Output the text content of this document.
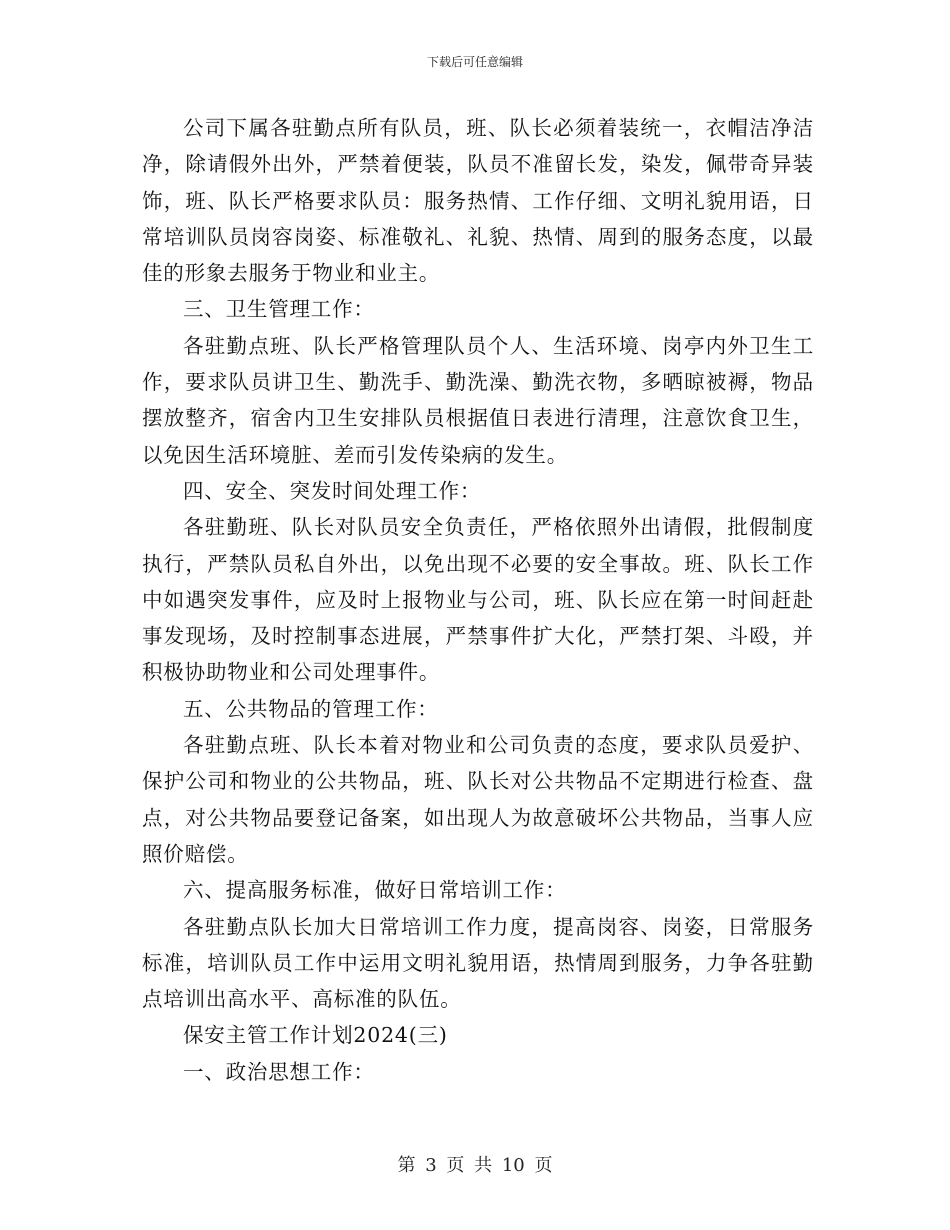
下载后可任意编辑

公司下属各驻勤点所有队员，班、队长必须着装统一，衣帽洁净洁净，除请假外出外，严禁着便装，队员不准留长发，染发，佩带奇异装饰，班、队长严格要求队员：服务热情、工作仔细、文明礼貌用语，日常培训队员岗容岗姿、标准敬礼、礼貌、热情、周到的服务态度，以最佳的形象去服务于物业和业主。

三、卫生管理工作：

各驻勤点班、队长严格管理队员个人、生活环境、岗亭内外卫生工作，要求队员讲卫生、勤洗手、勤洗澡、勤洗衣物，多晒晾被褥，物品摆放整齐，宿舍内卫生安排队员根据值日表进行清理，注意饮食卫生，以免因生活环境脏、差而引发传染病的发生。

四、安全、突发时间处理工作：

各驻勤班、队长对队员安全负责任，严格依照外出请假，批假制度执行，严禁队员私自外出，以免出现不必要的安全事故。班、队长工作中如遇突发事件，应及时上报物业与公司，班、队长应在第一时间赶赴事发现场，及时控制事态进展，严禁事件扩大化，严禁打架、斗殴，并积极协助物业和公司处理事件。

五、公共物品的管理工作：

各驻勤点班、队长本着对物业和公司负责的态度，要求队员爱护、保护公司和物业的公共物品，班、队长对公共物品不定期进行检查、盘点，对公共物品要登记备案，如出现人为故意破坏公共物品，当事人应照价赔偿。

六、提高服务标准，做好日常培训工作：

各驻勤点队长加大日常培训工作力度，提高岗容、岗姿，日常服务标准，培训队员工作中运用文明礼貌用语，热情周到服务，力争各驻勤点培训出高水平、高标准的队伍。

保安主管工作计划2024(三)

一、政治思想工作：

第 3 页 共 10 页
